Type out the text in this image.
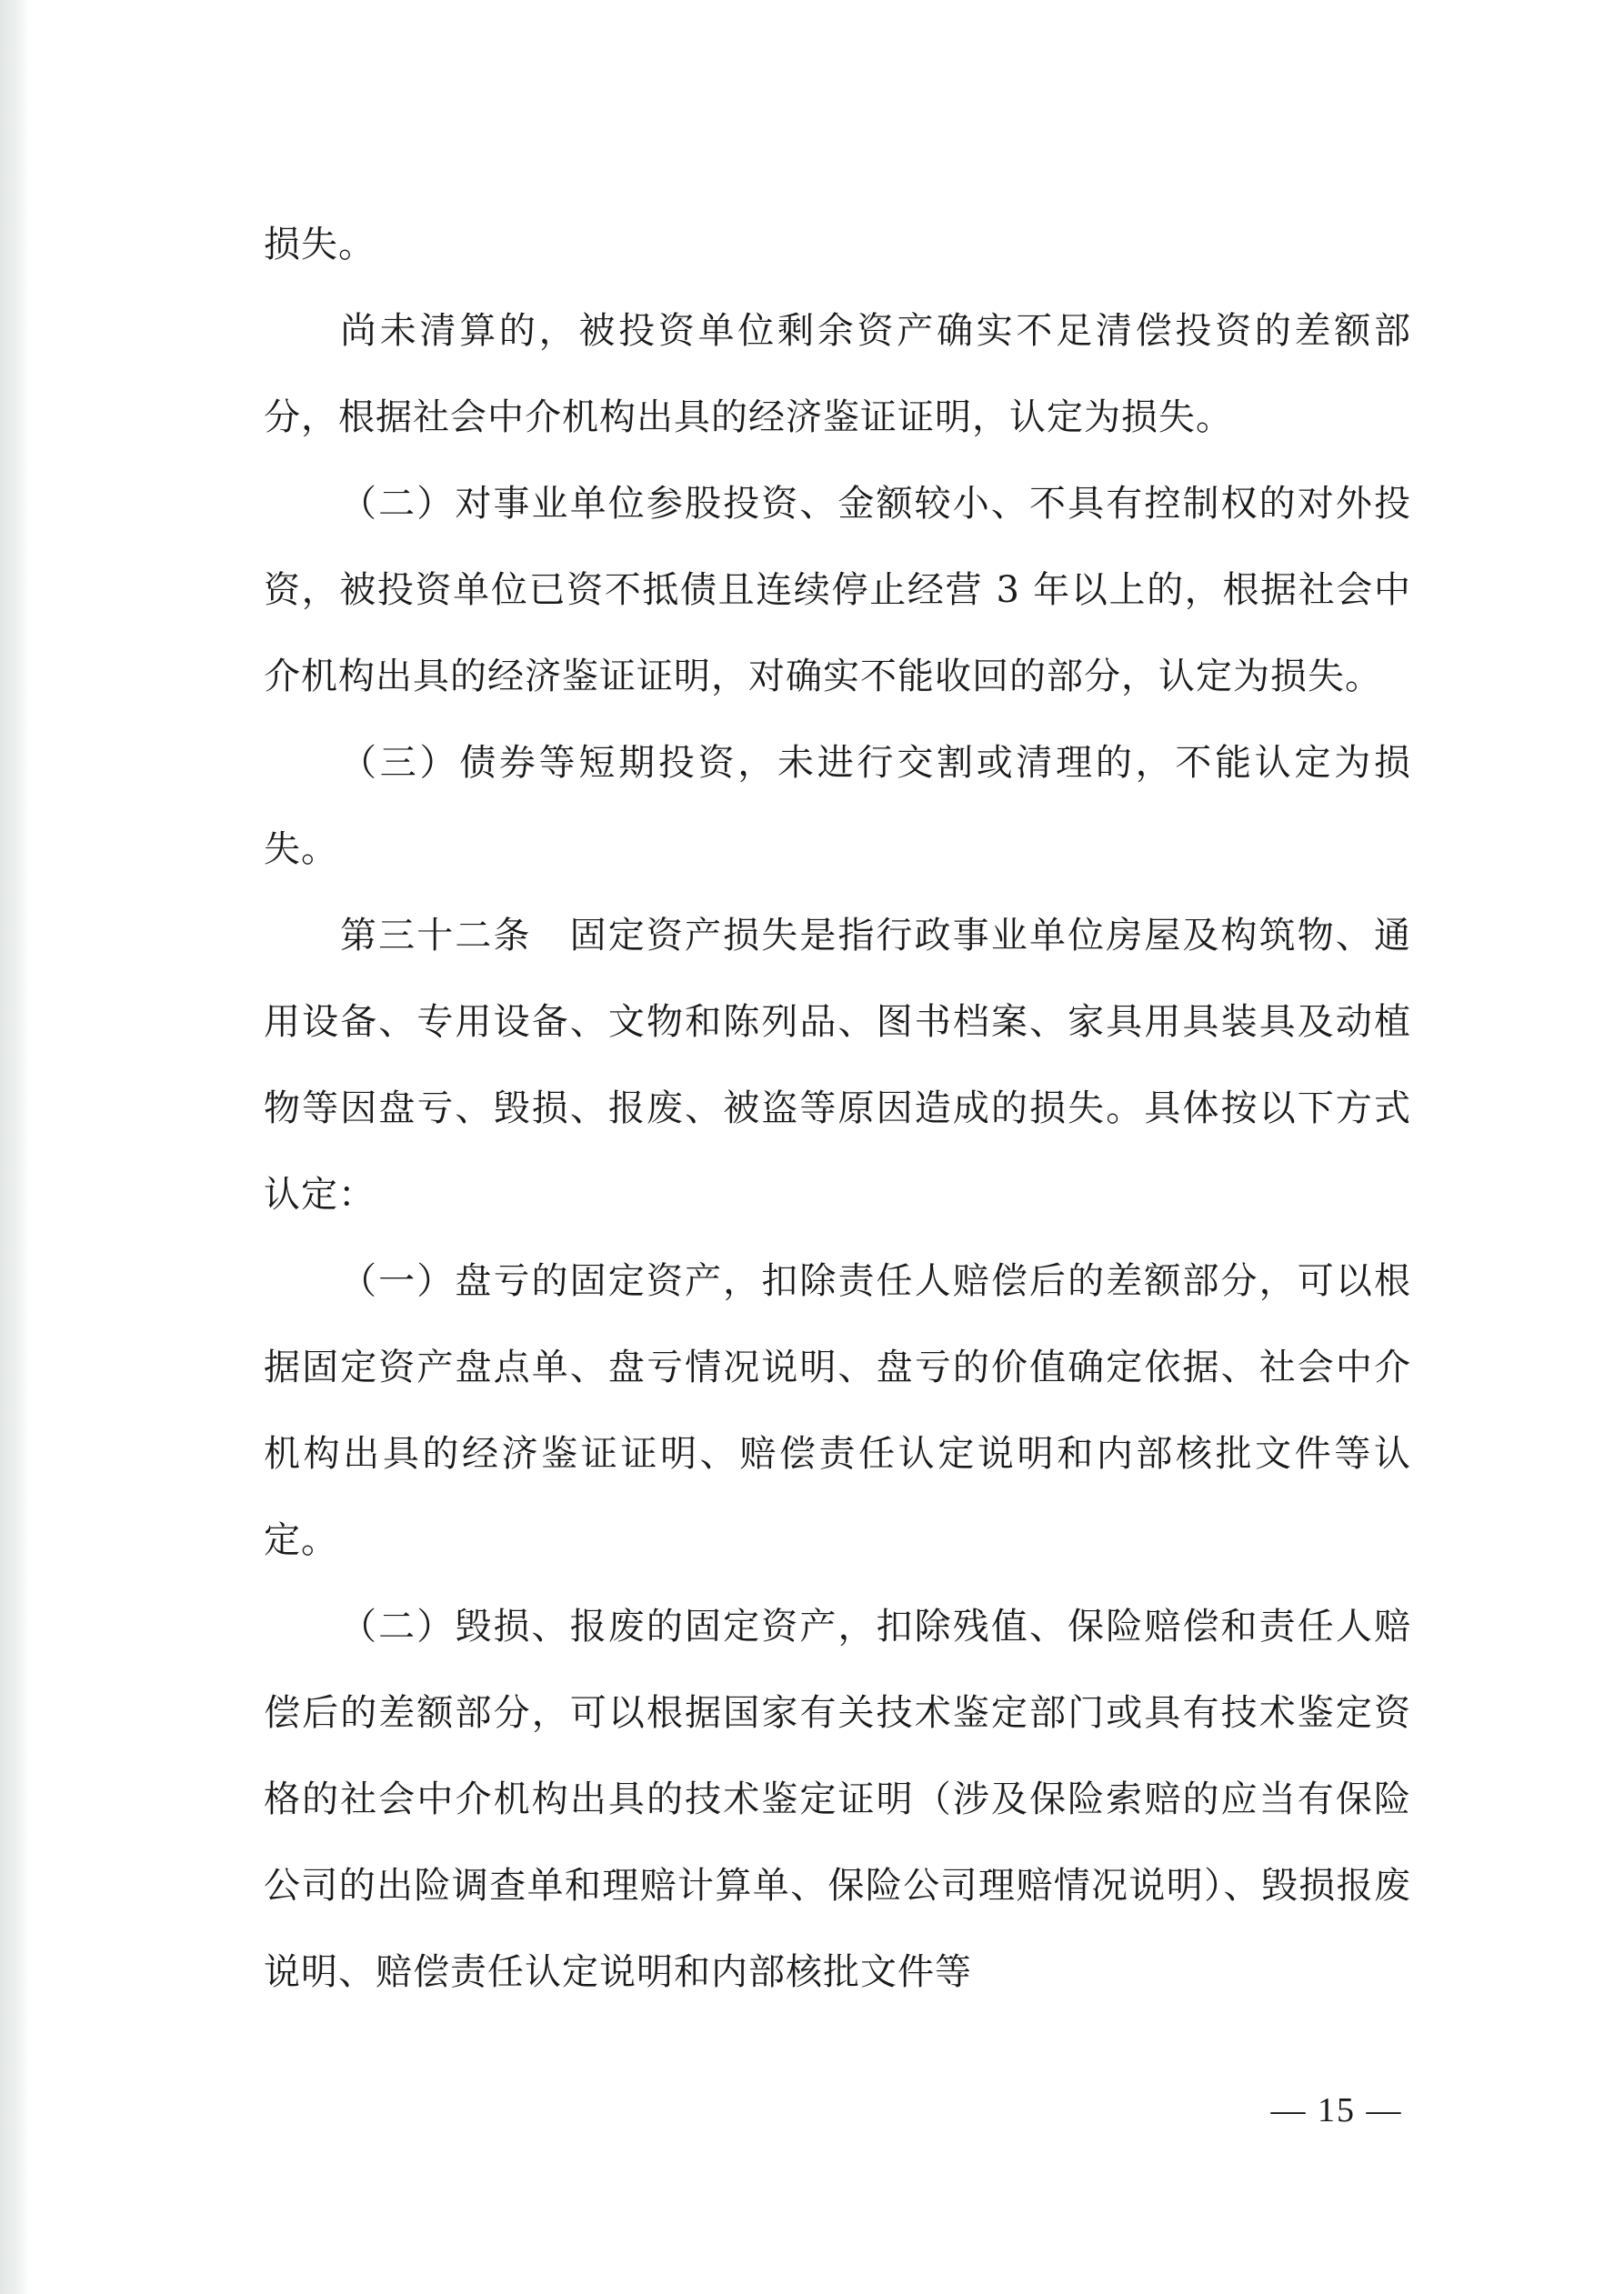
损失。

尚未清算的，被投资单位剩余资产确实不足清偿投资的差额部分，根据社会中介机构出具的经济鉴证证明，认定为损失。

（二）对事业单位参股投资、金额较小、不具有控制权的对外投资，被投资单位已资不抵债且连续停止经营 3 年以上的，根据社会中介机构出具的经济鉴证证明，对确实不能收回的部分，认定为损失。

（三）债券等短期投资，未进行交割或清理的，不能认定为损失。

第三十二条　固定资产损失是指行政事业单位房屋及构筑物、通用设备、专用设备、文物和陈列品、图书档案、家具用具装具及动植物等因盘亏、毁损、报废、被盗等原因造成的损失。具体按以下方式认定：

（一）盘亏的固定资产，扣除责任人赔偿后的差额部分，可以根据固定资产盘点单、盘亏情况说明、盘亏的价值确定依据、社会中介机构出具的经济鉴证证明、赔偿责任认定说明和内部核批文件等认定。

（二）毁损、报废的固定资产，扣除残值、保险赔偿和责任人赔偿后的差额部分，可以根据国家有关技术鉴定部门或具有技术鉴定资格的社会中介机构出具的技术鉴定证明（涉及保险索赔的应当有保险公司的出险调查单和理赔计算单、保险公司理赔情况说明）、毁损报废说明、赔偿责任认定说明和内部核批文件等

— 15 —
